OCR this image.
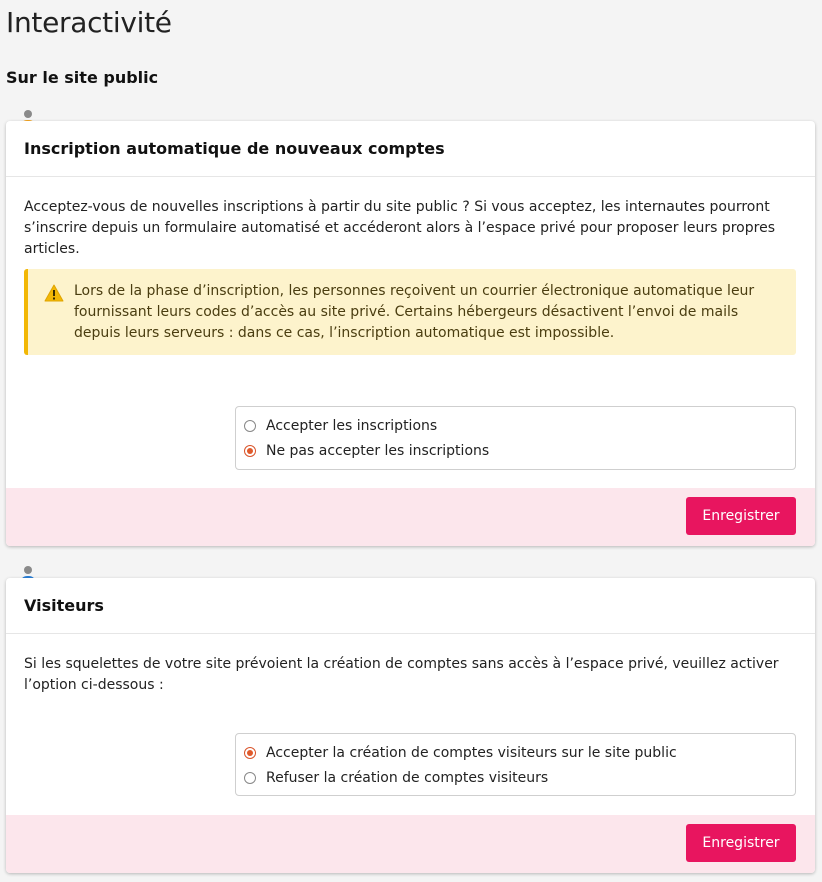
Interactivité
Sur le site public
Inscription automatique de nouveaux comptes

Acceptez-vous de nouvelles inscriptions à partir du site public ? Si vous acceptez, les internautes pourront s’inscrire depuis un formulaire automatisé et accéderont alors à l’espace privé pour proposer leurs propres articles.

Lors de la phase d’inscription, les personnes reçoivent un courrier électronique automatique leur fournissant leurs codes d’accès au site privé. Certains hébergeurs désactivent l’envoi de mails depuis leurs serveurs : dans ce cas, l’inscription automatique est impossible.

Accepter les inscriptions
Ne pas accepter les inscriptions
Enregistrer
Visiteurs

Si les squelettes de votre site prévoient la création de comptes sans accès à l’espace privé, veuillez activer l’option ci-dessous :

Accepter la création de comptes visiteurs sur le site public
Refuser la création de comptes visiteurs
Enregistrer
